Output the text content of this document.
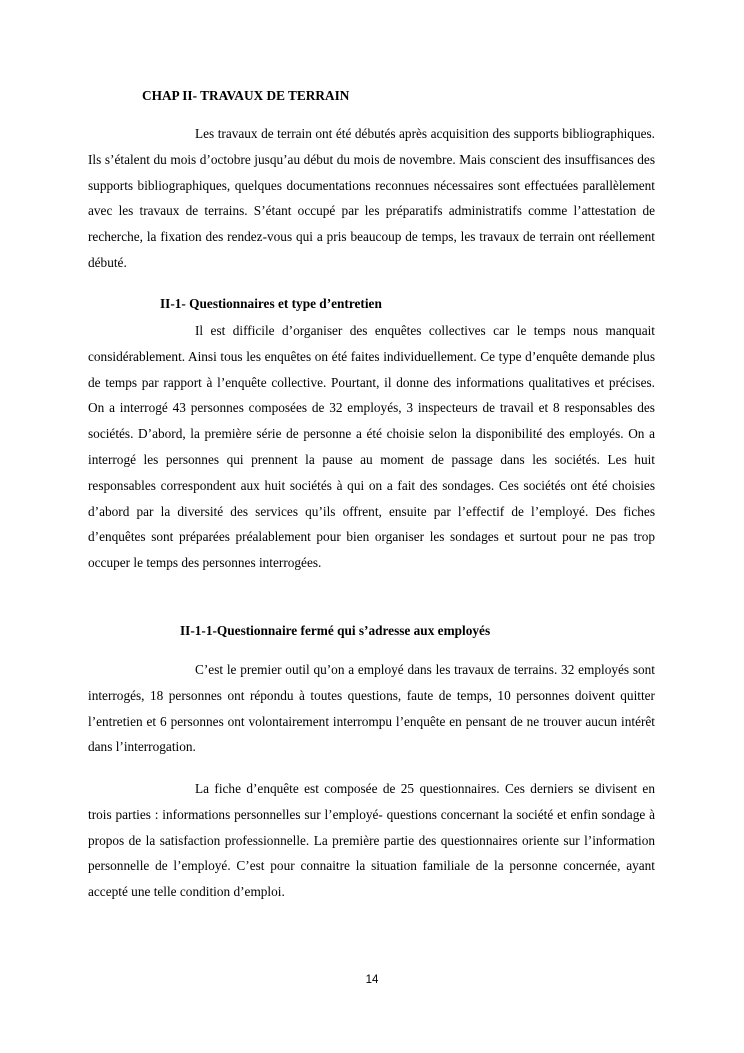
CHAP II- TRAVAUX DE TERRAIN

Les travaux de terrain ont été débutés après acquisition des supports bibliographiques. Ils s’étalent du mois d’octobre jusqu’au début du mois de novembre. Mais conscient des insuffisances des supports bibliographiques, quelques documentations reconnues nécessaires sont effectuées parallèlement avec les travaux de terrains. S’étant occupé par les préparatifs administratifs comme l’attestation de recherche, la fixation des rendez-vous qui a pris beaucoup de temps, les travaux de terrain ont réellement débuté.

II-1- Questionnaires et type d’entretien

Il est difficile d’organiser des enquêtes collectives car le temps nous manquait considérablement. Ainsi tous les enquêtes on été faites individuellement. Ce type d’enquête demande plus de temps par rapport à l’enquête collective. Pourtant, il donne des informations qualitatives et précises. On a interrogé 43 personnes composées de 32 employés, 3 inspecteurs de travail et 8 responsables des sociétés. D’abord, la première série de personne a été choisie selon la disponibilité des employés. On a interrogé les personnes qui prennent la pause au moment de passage dans les sociétés. Les huit responsables correspondent aux huit sociétés à qui on a fait des sondages. Ces sociétés ont été choisies d’abord par la diversité des services qu’ils offrent, ensuite par l’effectif de l’employé. Des fiches d’enquêtes sont préparées préalablement pour bien organiser les sondages et surtout pour ne pas trop occuper le temps des personnes interrogées.

II-1-1-Questionnaire fermé qui s’adresse aux employés

C’est le premier outil qu’on a employé dans les travaux de terrains. 32 employés sont interrogés, 18 personnes ont répondu à toutes questions, faute de temps, 10 personnes doivent quitter l’entretien et 6 personnes ont volontairement interrompu l’enquête en pensant de ne trouver aucun intérêt dans l’interrogation.

La fiche d’enquête est composée de 25 questionnaires. Ces derniers se divisent en trois parties : informations personnelles sur l’employé- questions concernant la société et enfin sondage à propos de la satisfaction professionnelle. La première partie des questionnaires oriente sur l’information personnelle de l’employé. C’est pour connaitre la situation familiale de la personne concernée, ayant accepté une telle condition d’emploi.

14
